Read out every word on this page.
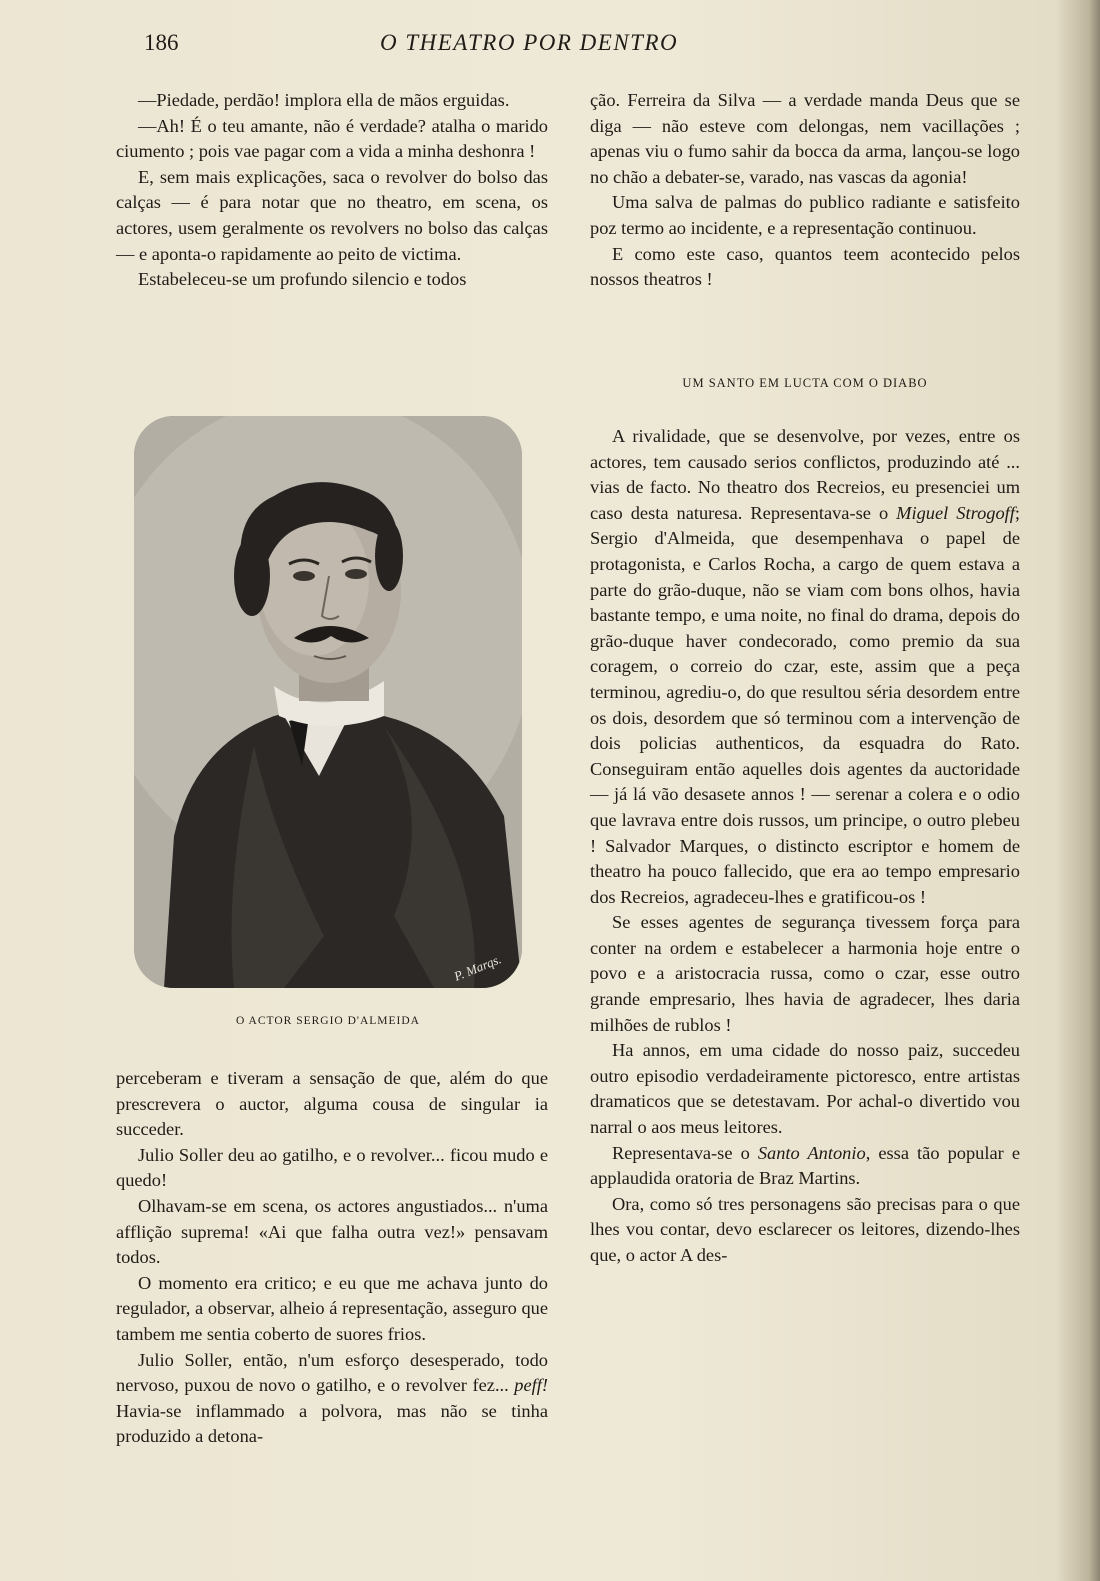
186	O THEATRO POR DENTRO

—Piedade, perdão! implora ella de mãos erguidas.

—Ah! É o teu amante, não é verdade? atalha o marido ciumento ; pois vae pagar com a vida a minha deshonra !

E, sem mais explicações, saca o revolver do bolso das calças — é para notar que no theatro, em scena, os actores, usem geralmente os revolvers no bolso das calças — e aponta-o rapidamente ao peito de victima.

Estabeleceu-se um profundo silencio e todos

P. Marqs.
O ACTOR SERGIO D'ALMEIDA

perceberam e tiveram a sensação de que, além do que prescrevera o auctor, alguma cousa de singular ia succeder.

Julio Soller deu ao gatilho, e o revolver... ficou mudo e quedo!

Olhavam-se em scena, os actores angustiados... n'uma afflição suprema! «Ai que falha outra vez!» pensavam todos.

O momento era critico; e eu que me achava junto do regulador, a observar, alheio á representação, asseguro que tambem me sentia coberto de suores frios.

Julio Soller, então, n'um esforço desesperado, todo nervoso, puxou de novo o gatilho, e o revolver fez... peff! Havia-se inflammado a polvora, mas não se tinha produzido a detona-

ção. Ferreira da Silva — a verdade manda Deus que se diga — não esteve com delongas, nem vacillações ; apenas viu o fumo sahir da bocca da arma, lançou-se logo no chão a debater-se, varado, nas vascas da agonia!

Uma salva de palmas do publico radiante e satisfeito poz termo ao incidente, e a representação continuou.

E como este caso, quantos teem acontecido pelos nossos theatros !

UM SANTO EM LUCTA COM O DIABO

A rivalidade, que se desenvolve, por vezes, entre os actores, tem causado serios conflictos, produzindo até ... vias de facto. No theatro dos Recreios, eu presenciei um caso desta naturesa. Representava-se o Miguel Strogoff; Sergio d'Almeida, que desempenhava o papel de protagonista, e Carlos Rocha, a cargo de quem estava a parte do grão-duque, não se viam com bons olhos, havia bastante tempo, e uma noite, no final do drama, depois do grão-duque haver condecorado, como premio da sua coragem, o correio do czar, este, assim que a peça terminou, agrediu-o, do que resultou séria desordem entre os dois, desordem que só terminou com a intervenção de dois policias authenticos, da esquadra do Rato. Conseguiram então aquelles dois agentes da auctoridade — já lá vão desasete annos ! — serenar a colera e o odio que lavrava entre dois russos, um principe, o outro plebeu ! Salvador Marques, o distincto escriptor e homem de theatro ha pouco fallecido, que era ao tempo empresario dos Recreios, agradeceu-lhes e gratificou-os !

Se esses agentes de segurança tivessem força para conter na ordem e estabelecer a harmonia hoje entre o povo e a aristocracia russa, como o czar, esse outro grande empresario, lhes havia de agradecer, lhes daria milhões de rublos !

Ha annos, em uma cidade do nosso paiz, succedeu outro episodio verdadeiramente pictoresco, entre artistas dramaticos que se detestavam. Por achal-o divertido vou narral o aos meus leitores.

Representava-se o Santo Antonio, essa tão popular e applaudida oratoria de Braz Martins.

Ora, como só tres personagens são precisas para o que lhes vou contar, devo esclarecer os leitores, dizendo-lhes que, o actor A des-
